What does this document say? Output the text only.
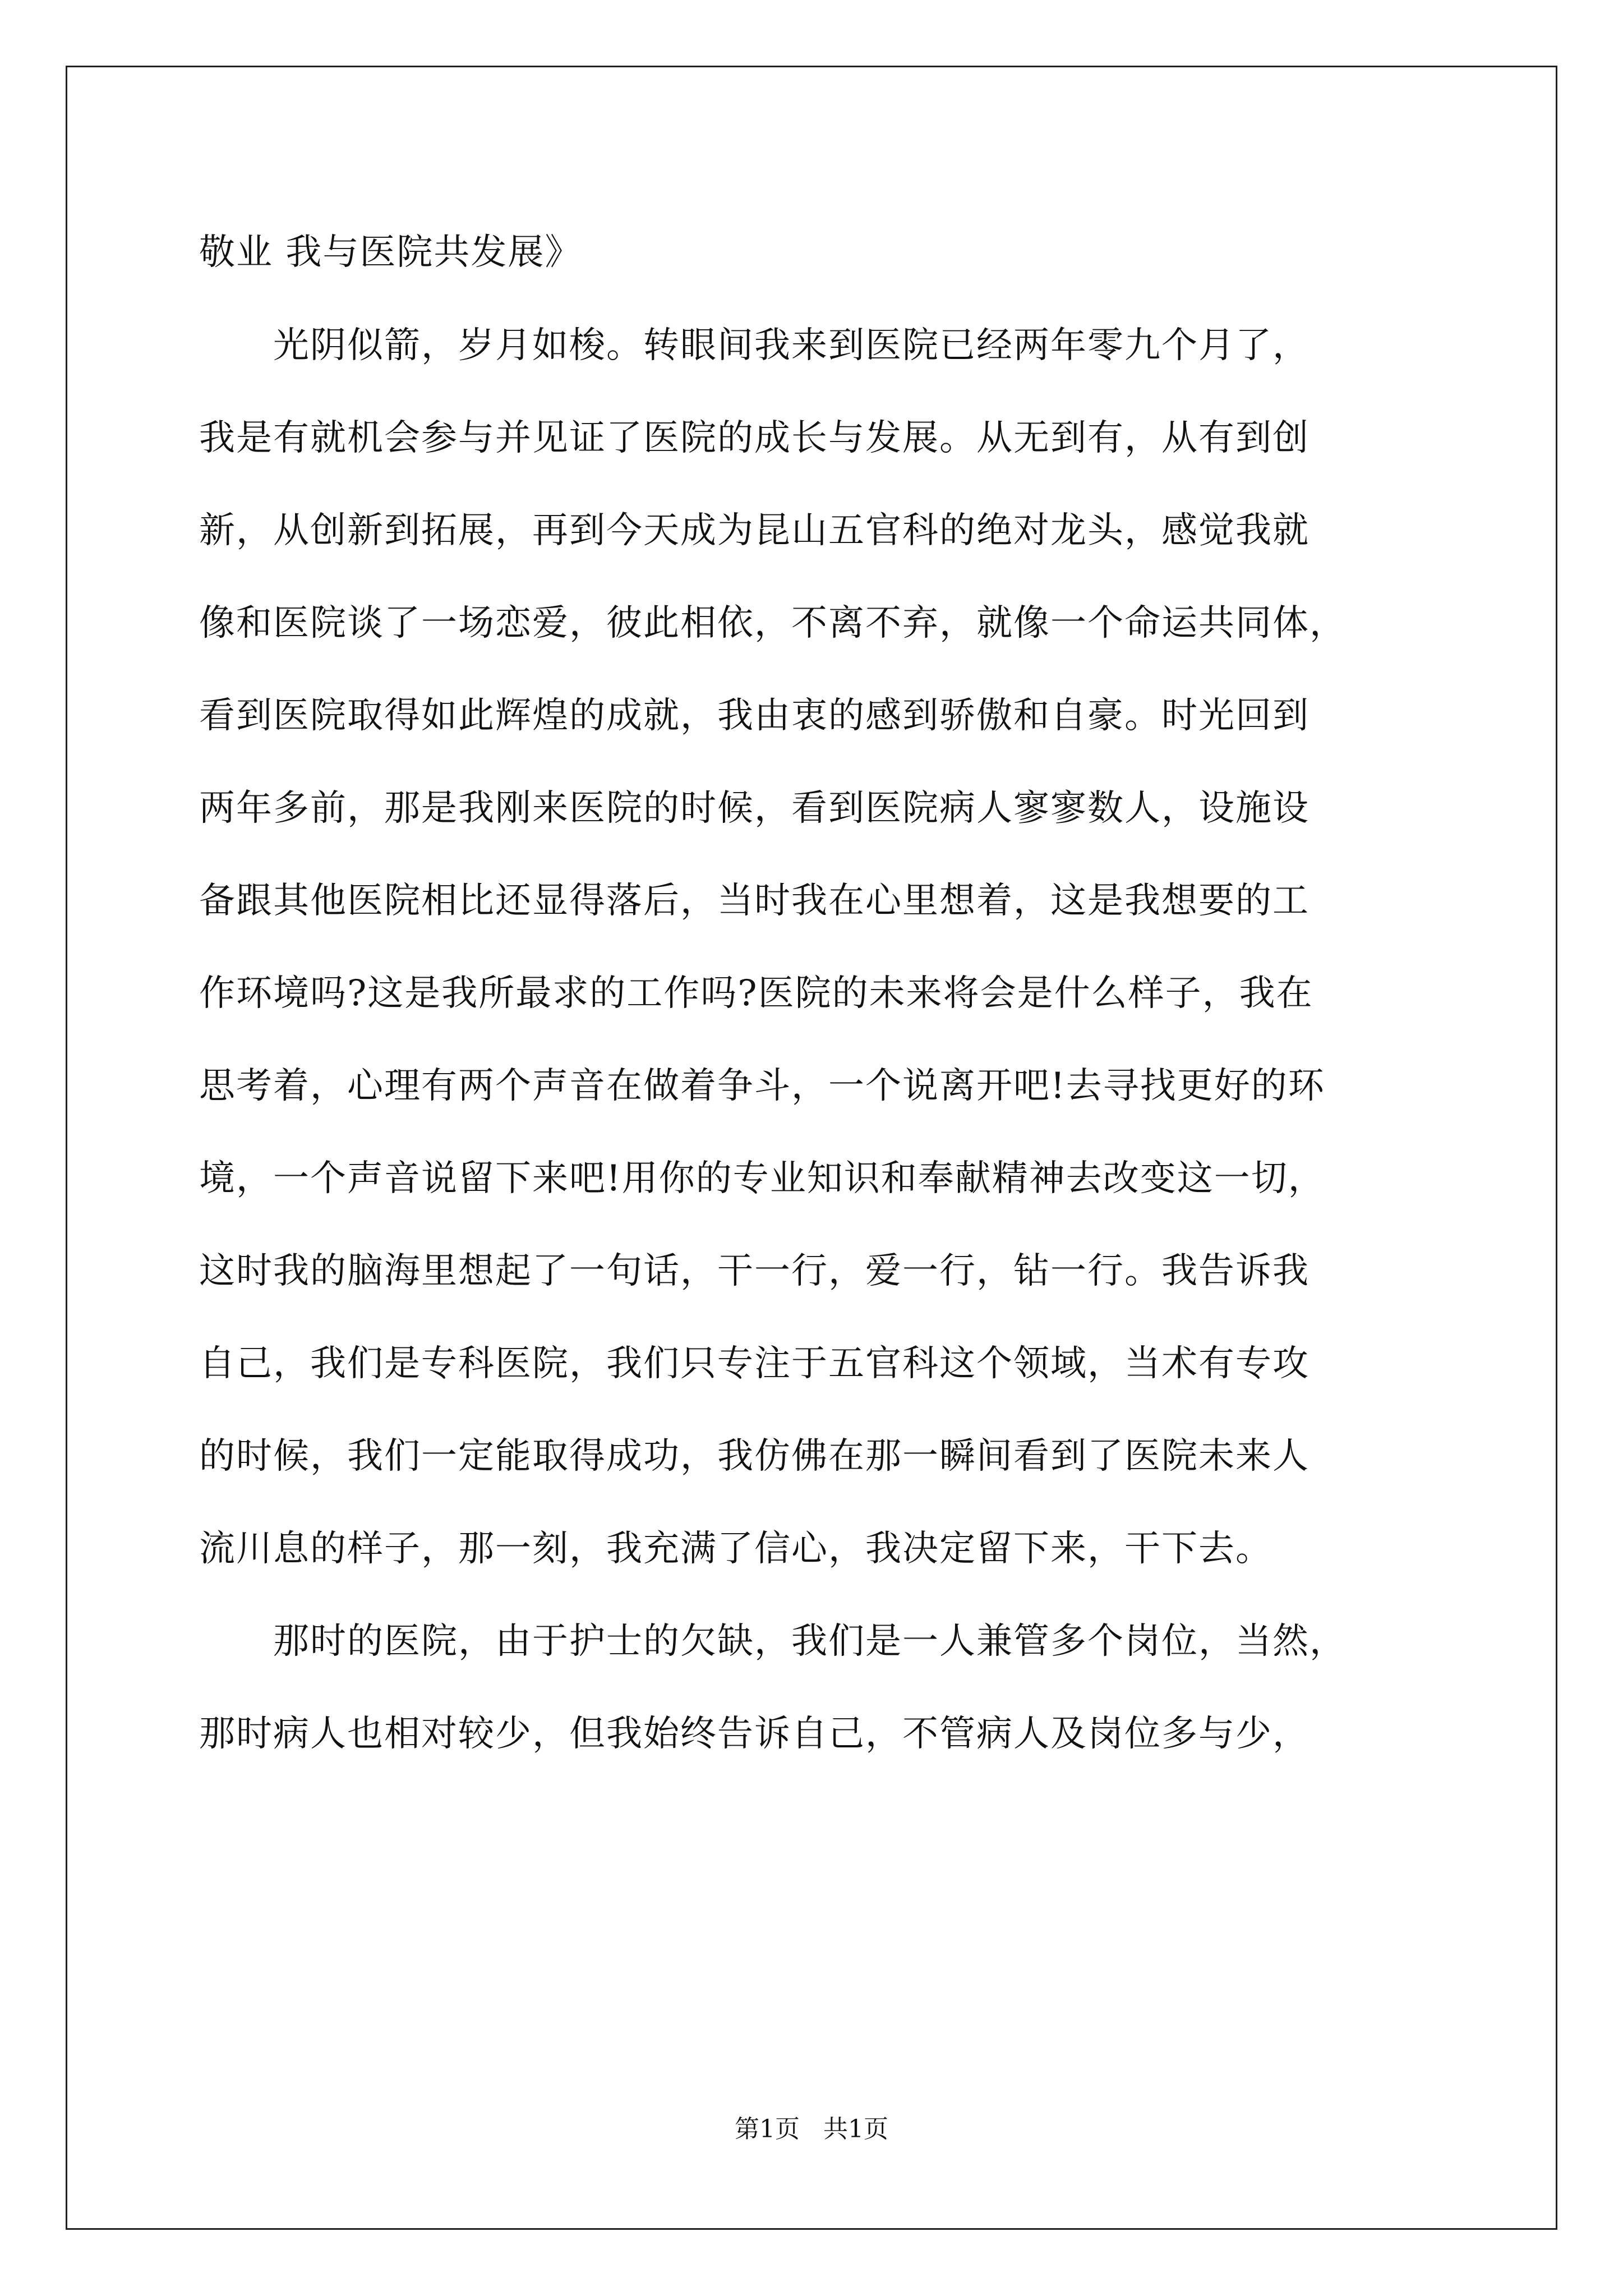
敬业 我与医院共发展》
　　光阴似箭，岁月如梭。转眼间我来到医院已经两年零九个月了，
我是有就机会参与并见证了医院的成长与发展。从无到有，从有到创
新，从创新到拓展，再到今天成为昆山五官科的绝对龙头，感觉我就
像和医院谈了一场恋爱，彼此相依，不离不弃，就像一个命运共同体，
看到医院取得如此辉煌的成就，我由衷的感到骄傲和自豪。时光回到
两年多前，那是我刚来医院的时候，看到医院病人寥寥数人，设施设
备跟其他医院相比还显得落后，当时我在心里想着，这是我想要的工
作环境吗?这是我所最求的工作吗?医院的未来将会是什么样子，我在
思考着，心理有两个声音在做着争斗，一个说离开吧!去寻找更好的环
境，一个声音说留下来吧!用你的专业知识和奉献精神去改变这一切，
这时我的脑海里想起了一句话，干一行，爱一行，钻一行。我告诉我
自己，我们是专科医院，我们只专注于五官科这个领域，当术有专攻
的时候，我们一定能取得成功，我仿佛在那一瞬间看到了医院未来人
流川息的样子，那一刻，我充满了信心，我决定留下来，干下去。
　　那时的医院，由于护士的欠缺，我们是一人兼管多个岗位，当然，
那时病人也相对较少，但我始终告诉自己，不管病人及岗位多与少，
第1页   共1页
